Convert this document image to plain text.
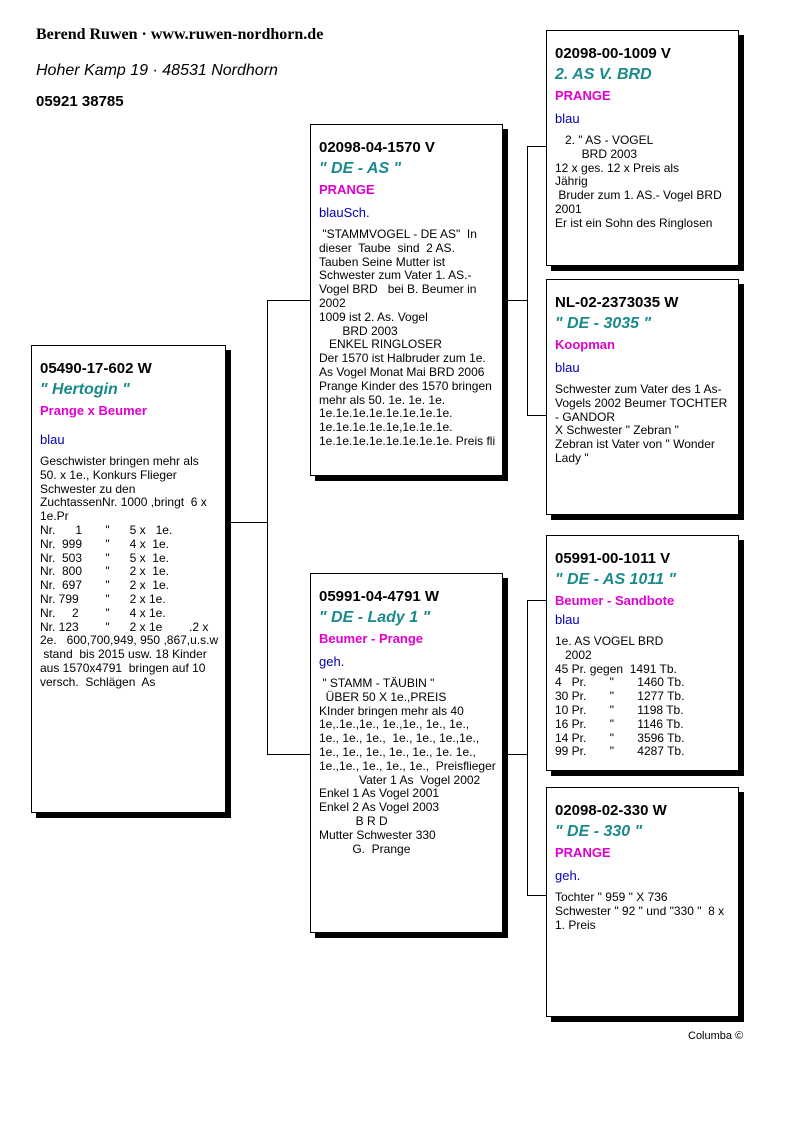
Berend Ruwen · www.ruwen-nordhorn.de
Hoher Kamp 19 · 48531 Nordhorn
05921 38785
05490-17-602 W
" Hertogin "
Prange x Beumer
blau
Geschwister bringen mehr als
50. x 1e., Konkurs Flieger
Schwester zu den
ZuchtassenNr. 1000 ,bringt  6 x
1e.Pr
Nr.      1       "      5 x   1e.
Nr.  999       "      4 x  1e.
Nr.  503       "      5 x  1e.
Nr.  800       "      2 x  1e.
Nr.  697       "      2 x  1e.
Nr. 799        "      2 x 1e.
Nr.     2        "      4 x 1e.
Nr. 123        "      2 x 1e        .2 x
2e.   600,700,949, 950 ,867,u.s.w
stand  bis 2015 usw. 18 Kinder
aus 1570x4791  bringen auf 10
versch.  Schlägen  As
02098-04-1570 V
" DE - AS "
PRANGE
blauSch.
"STAMMVOGEL - DE AS"  In
dieser  Taube  sind  2 AS.
Tauben Seine Mutter ist
Schwester zum Vater 1. AS.-
Vogel BRD   bei B. Beumer in
2002
1009 ist 2. As. Vogel
BRD 2003
ENKEL RINGLOSER
Der 1570 ist Halbruder zum 1e.
As Vogel Monat Mai BRD 2006
Prange Kinder des 1570 bringen
mehr als 50. 1e. 1e. 1e.
1e.1e.1e.1e.1e.1e.1e.1e.
1e.1e.1e.1e.1e,1e.1e.1e.
1e.1e.1e.1e.1e.1e.1e.1e. Preis fli
05991-04-4791 W
" DE - Lady 1 "
Beumer - Prange
geh.
" STAMM - TÄUBIN "
ÜBER 50 X 1e.,PREIS
KInder bringen mehr als 40
1e,.1e.,1e., 1e.,1e., 1e., 1e.,
1e., 1e., 1e.,  1e., 1e., 1e.,1e.,
1e., 1e., 1e., 1e., 1e., 1e. 1e.,
1e.,1e., 1e., 1e., 1e.,  Preisflieger
Vater 1 As  Vogel 2002
Enkel 1 As Vogel 2001
Enkel 2 As Vogel 2003
B R D
Mutter Schwester 330
G.  Prange
02098-00-1009 V
2. AS V. BRD
PRANGE
blau
2. " AS - VOGEL
BRD 2003
12 x ges. 12 x Preis als
Jährig
Bruder zum 1. AS.- Vogel BRD
2001
Er ist ein Sohn des Ringlosen
NL-02-2373035 W
" DE - 3035 "
Koopman
blau
Schwester zum Vater des 1 As-
Vogels 2002 Beumer TOCHTER
- GANDOR
X Schwester " Zebran "
Zebran ist Vater von " Wonder
Lady "
05991-00-1011 V
" DE - AS 1011 "
Beumer - Sandbote
blau
1e. AS VOGEL BRD
2002
45 Pr. gegen  1491 Tb.
4   Pr.       "       1460 Tb.
30 Pr.       "       1277 Tb.
10 Pr.       "       1198 Tb.
16 Pr.       "       1146 Tb.
14 Pr.       "       3596 Tb.
99 Pr.       "       4287 Tb.
02098-02-330 W
" DE - 330 "
PRANGE
geh.
Tochter " 959 " X 736
Schwester " 92 " und "330 "  8 x
1. Preis
Columba ©
